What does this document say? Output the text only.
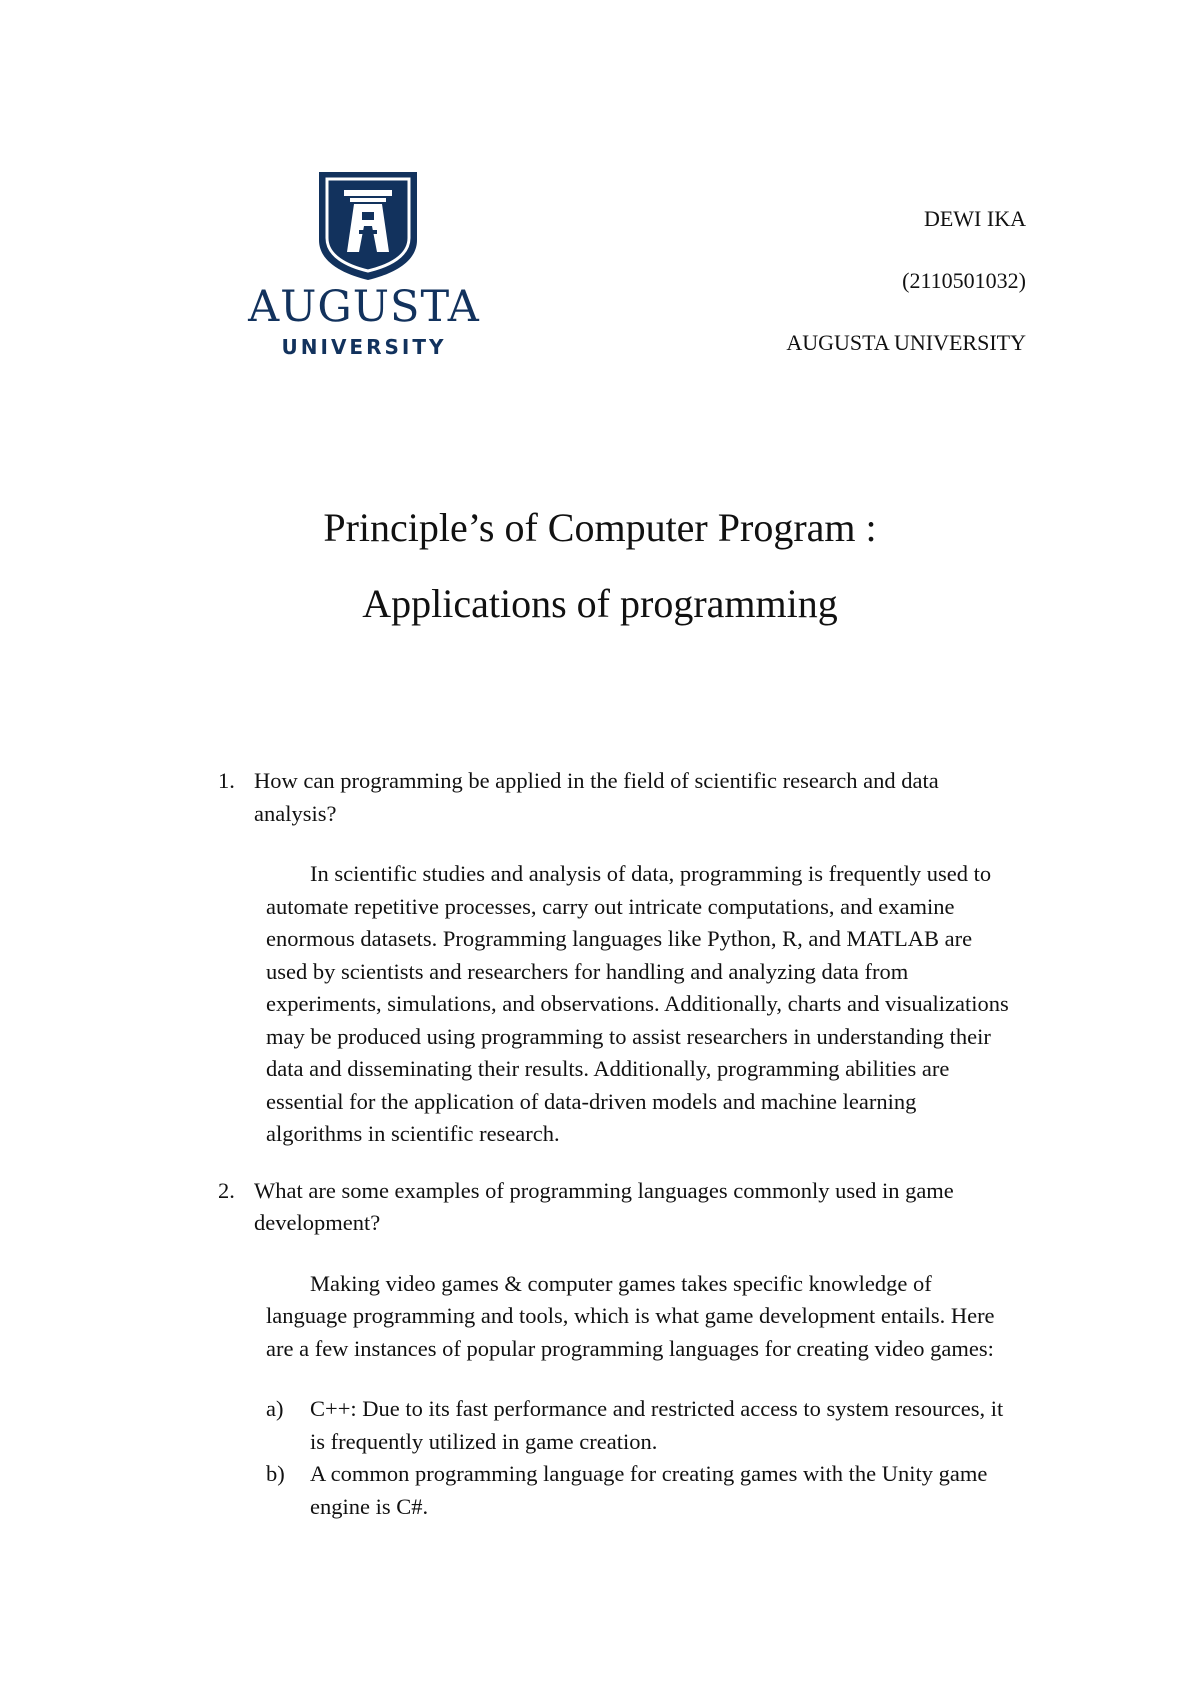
AUGUSTA
UNIVERSITY
DEWI IKA
(2110501032)
AUGUSTA UNIVERSITY
Principle’s of Computer Program :
Applications of programming
1. How can programming be applied in the field of scientific research and data analysis?
In scientific studies and analysis of data, programming is frequently used to automate repetitive processes, carry out intricate computations, and examine enormous datasets. Programming languages like Python, R, and MATLAB are used by scientists and researchers for handling and analyzing data from experiments, simulations, and observations. Additionally, charts and visualizations may be produced using programming to assist researchers in understanding their data and disseminating their results. Additionally, programming abilities are essential for the application of data-driven models and machine learning algorithms in scientific research.
2. What are some examples of programming languages commonly used in game development?
Making video games & computer games takes specific knowledge of language programming and tools, which is what game development entails. Here are a few instances of popular programming languages for creating video games:
a)	C++: Due to its fast performance and restricted access to system resources, it is frequently utilized in game creation.
b)	A common programming language for creating games with the Unity game engine is C#.
